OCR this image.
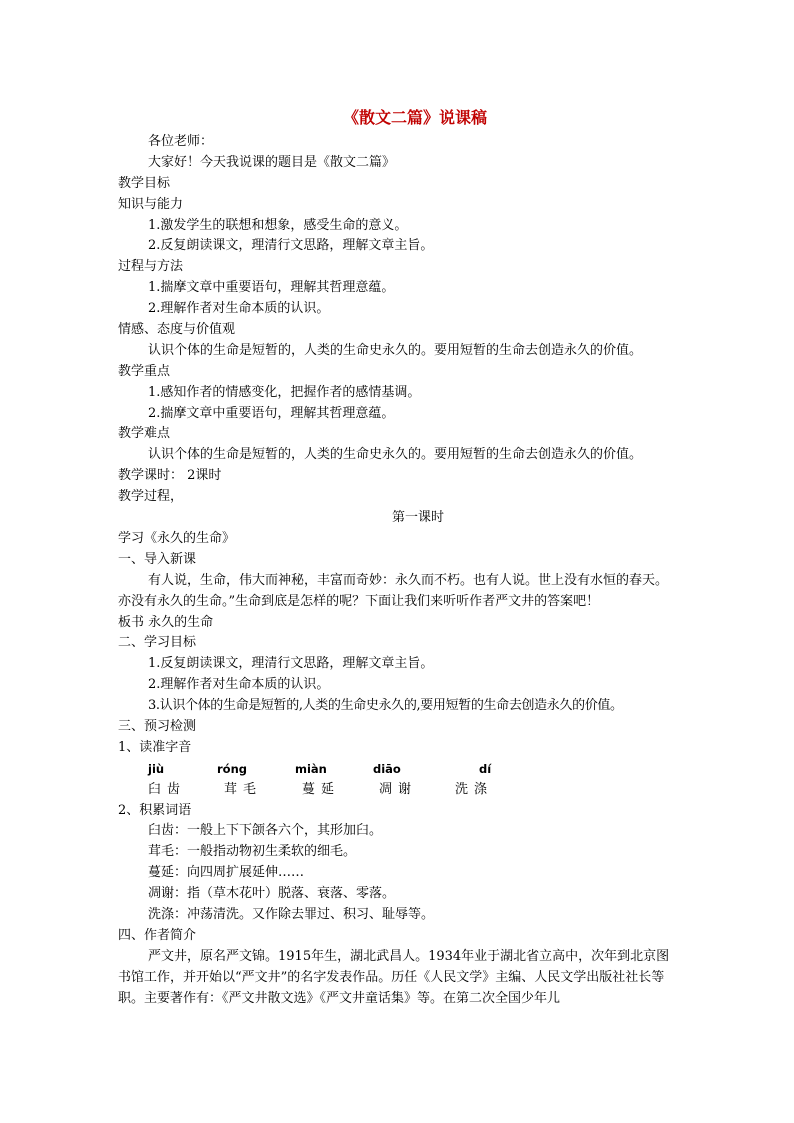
《散文二篇》说课稿
各位老师：
大家好！今天我说课的题目是《散文二篇》
教学目标
知识与能力
1.激发学生的联想和想象，感受生命的意义。
2.反复朗读课文，理清行文思路，理解文章主旨。
过程与方法
1.揣摩文章中重要语句，理解其哲理意蕴。
2.理解作者对生命本质的认识。
情感、态度与价值观
认识个体的生命是短暂的，人类的生命史永久的。要用短暂的生命去创造永久的价值。
教学重点
1.感知作者的情感变化，把握作者的感情基调。
2.揣摩文章中重要语句，理解其哲理意蕴。
教学难点
认识个体的生命是短暂的，人类的生命史永久的。要用短暂的生命去创造永久的价值。
教学课时： 2课时
教学过程，
第一课时
学习《永久的生命》
一、导入新课
有人说，生命，伟大而神秘，丰富而奇妙：永久而不朽。也有人说。世上没有水恒的春天。亦没有永久的生命。”生命到底是怎样的呢？下面让我们来听听作者严文井的答案吧！
板书 永久的生命
二、学习目标
1.反复朗读课文，理清行文思路，理解文章主旨。
2.理解作者对生命本质的认识。
3.认识个体的生命是短暂的,人类的生命史永久的,要用短暂的生命去创造永久的价值。
三、预习检测
1、读准字音
jiù	róng	miàn	diāo	dí
臼齿	茸毛	蔓延	凋谢	洗涤
2、积累词语
臼齿：一般上下下颌各六个，其形加臼。
茸毛：一般指动物初生柔软的细毛。
蔓延：向四周扩展延伸……
凋谢：指（草木花叶）脱落、衰落、零落。
洗涤：冲荡清洗。又作除去罪过、积习、耻辱等。
四、作者简介
严文井，原名严文锦。1915年生，湖北武昌人。1934年业于湖北省立高中，次年到北京图书馆工作，并开始以“严文井”的名字发表作品。历任《人民文学》主编、人民文学出版社社长等职。主要著作有：《严文井散文选》《严文井童话集》等。在第二次全国少年儿
